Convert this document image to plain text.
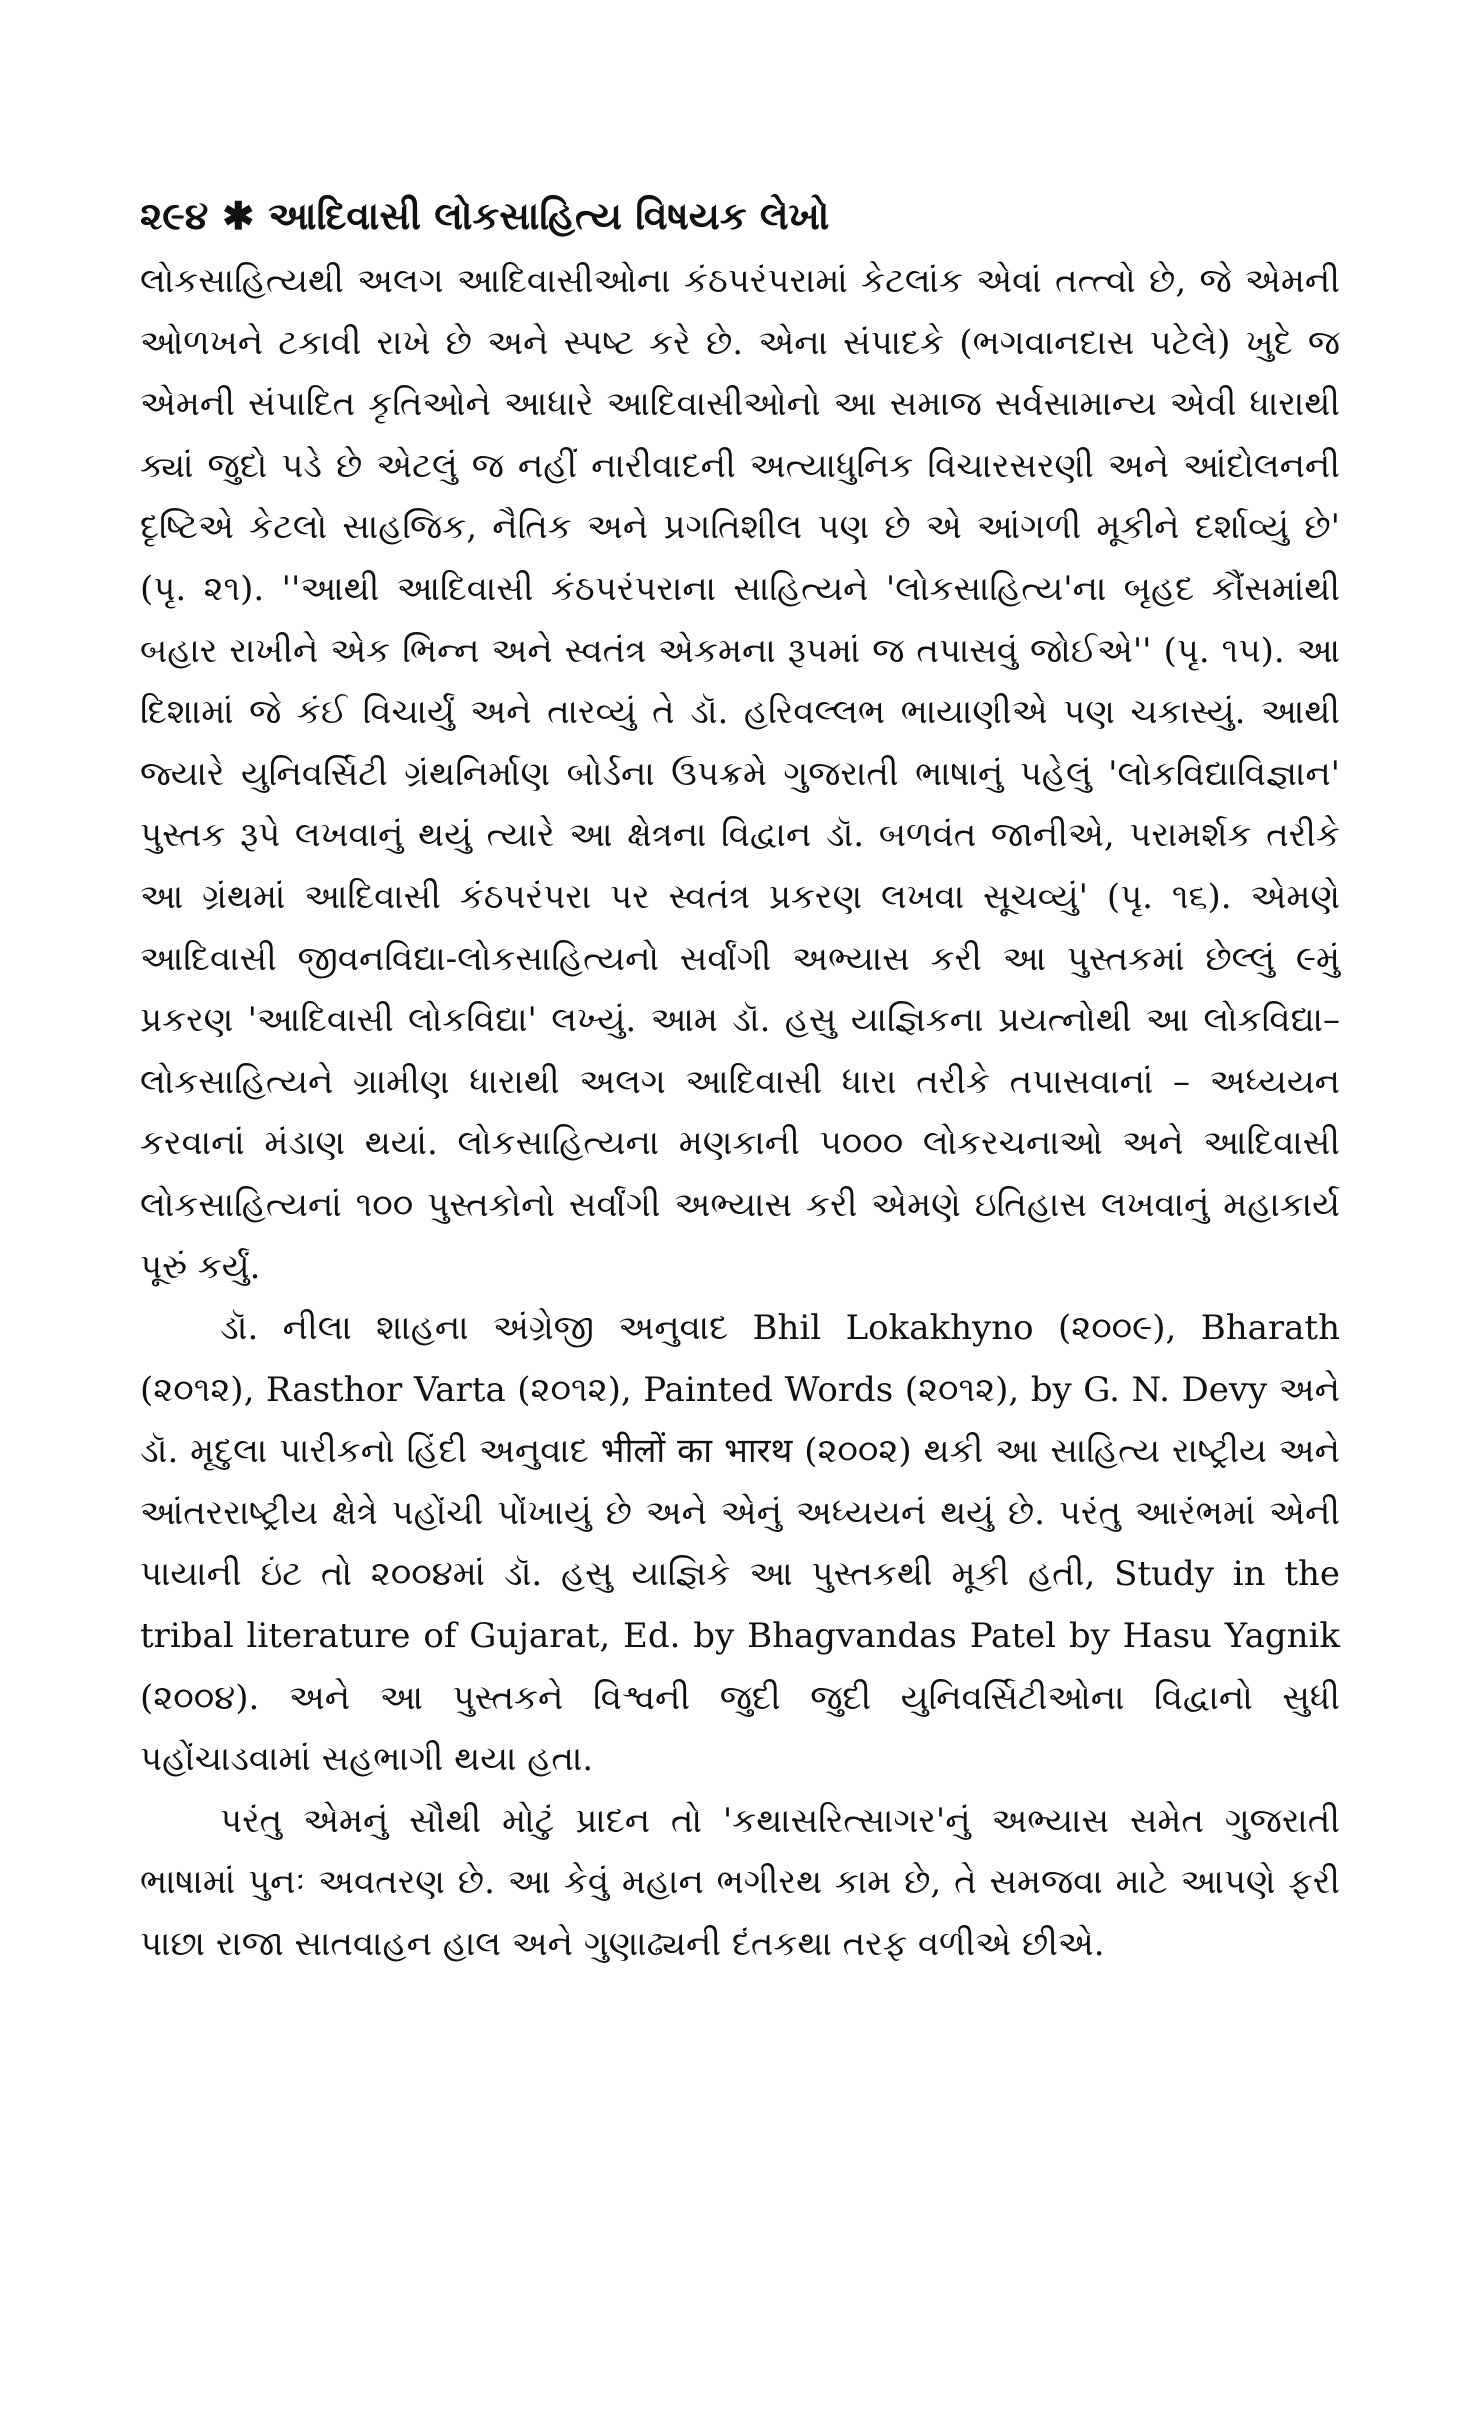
૨૯૪ ✱ આદિવાસી લોકસાહિત્ય વિષયક લેખો

લોકસાહિત્યથી અલગ આદિવાસીઓના કંઠપરંપરામાં કેટલાંક એવાં તત્ત્વો છે, જે એમની ઓળખને ટકાવી રાખે છે અને સ્પષ્ટ કરે છે. એના સંપાદકે (ભગવાનદાસ પટેલે) ખુદે જ એમની સંપાદિત કૃતિઓને આધારે આદિવાસીઓનો આ સમાજ સર્વસામાન્ય એવી ધારાથી ક્યાં જુદો પડે છે એટલું જ નહીં નારીવાદની અત્યાધુનિક વિચારસરણી અને આંદોલનની દૃષ્ટિએ કેટલો સાહજિક, નૈતિક અને પ્રગતિશીલ પણ છે એ આંગળી મૂકીને દર્શાવ્યું છે' (પૃ. ૨૧). ''આથી આદિવાસી કંઠપરંપરાના સાહિત્યને 'લોકસાહિત્ય'ના બૃહદ કૌંસમાંથી બહાર રાખીને એક ભિન્ન અને સ્વતંત્ર એકમના રૂપમાં જ તપાસવું જોઈએ'' (પૃ. ૧૫). આ દિશામાં જે કંઈ વિચાર્યું અને તારવ્યું તે ડૉ. હરિવલ્લભ ભાયાણીએ પણ ચકાસ્યું. આથી જ્યારે યુનિવર્સિટી ગ્રંથનિર્માણ બોર્ડના ઉપક્રમે ગુજરાતી ભાષાનું પહેલું 'લોકવિદ્યાવિજ્ઞાન' પુસ્તક રૂપે લખવાનું થયું ત્યારે આ ક્ષેત્રના વિદ્વાન ડૉ. બળવંત જાનીએ, પરામર્શક તરીકે આ ગ્રંથમાં આદિવાસી કંઠપરંપરા પર સ્વતંત્ર પ્રકરણ લખવા સૂચવ્યું' (પૃ. ૧૬). એમણે આદિવાસી જીવનવિદ્યા-લોકસાહિત્યનો સર્વાંગી અભ્યાસ કરી આ પુસ્તકમાં છેલ્લું ૯મું પ્રકરણ 'આદિવાસી લોકવિદ્યા' લખ્યું. આમ ડૉ. હસુ યાજ્ઞિકના પ્રયત્નોથી આ લોકવિદ્યા–લોકસાહિત્યને ગ્રામીણ ધારાથી અલગ આદિવાસી ધારા તરીકે તપાસવાનાં – અધ્યયન કરવાનાં મંડાણ થયાં. લોકસાહિત્યના મણકાની ૫૦૦૦ લોકરચનાઓ અને આદિવાસી લોકસાહિત્યનાં ૧૦૦ પુસ્તકોનો સર્વાંગી અભ્યાસ કરી એમણે ઇતિહાસ લખવાનું મહાકાર્ય પૂરું કર્યું.

ડૉ. નીલા શાહના અંગ્રેજી અનુવાદ Bhil Lokakhyno (૨૦૦૯), Bharath (૨૦૧૨), Rasthor Varta (૨૦૧૨), Painted Words (૨૦૧૨), by G. N. Devy અને ડૉ. મૃદુલા પારીકનો હિંદી અનુવાદ भीलों का भारथ (૨૦૦૨) થકી આ સાહિત્ય રાષ્ટ્રીય અને આંતરરાષ્ટ્રીય ક્ષેત્રે પહોંચી પોંખાયું છે અને એનું અધ્યયનં થયું છે. પરંતુ આરંભમાં એની પાયાની ઇંટ તો ૨૦૦૪માં ડૉ. હસુ યાજ્ઞિકે આ પુસ્તકથી મૂકી હતી, Study in the tribal literature of Gujarat, Ed. by Bhagvandas Patel by Hasu Yagnik (૨૦૦૪). અને આ પુસ્તકને વિશ્વની જુદી જુદી યુનિવર્સિટીઓના વિદ્વાનો સુધી પહોંચાડવામાં સહભાગી થયા હતા.

પરંતુ એમનું સૌથી મોટું પ્રાદન તો 'કથાસરિત્સાગર'નું અભ્યાસ સમેત ગુજરાતી ભાષામાં પુનઃ અવતરણ છે. આ કેવું મહાન ભગીરથ કામ છે, તે સમજવા માટે આપણે ફરી પાછા રાજા સાતવાહન હાલ અને ગુણાઢ્યની દંતકથા તરફ વળીએ છીએ.
